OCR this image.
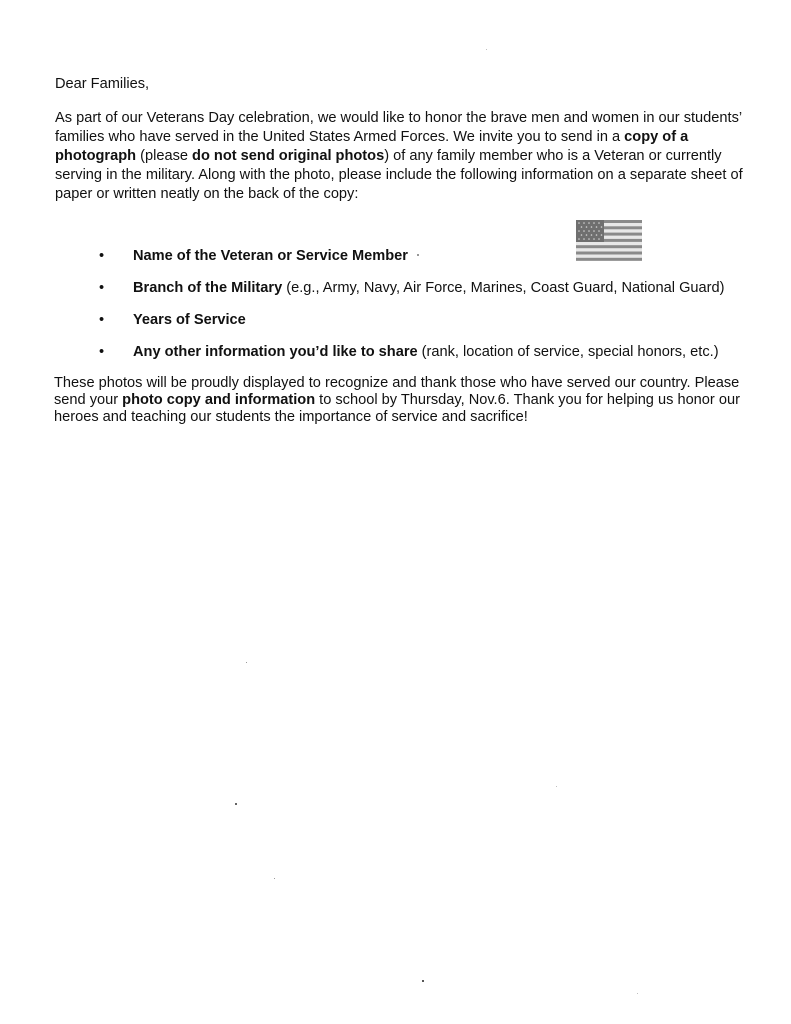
Dear Families,
As part of our Veterans Day celebration, we would like to honor the brave men and women in our students’
families who have served in the United States Armed Forces. We invite you to send in a copy of a
photograph (please do not send original photos) of any family member who is a Veteran or currently
serving in the military. Along with the photo, please include the following information on a separate sheet of
paper or written neatly on the back of the copy:
• Name of the Veteran or Service Member
• Branch of the Military (e.g., Army, Navy, Air Force, Marines, Coast Guard, National Guard)
• Years of Service
• Any other information you’d like to share (rank, location of service, special honors, etc.)
These photos will be proudly displayed to recognize and thank those who have served our country. Please
send your photo copy and information to school by Thursday, Nov.6. Thank you for helping us honor our
heroes and teaching our students the importance of service and sacrifice!
